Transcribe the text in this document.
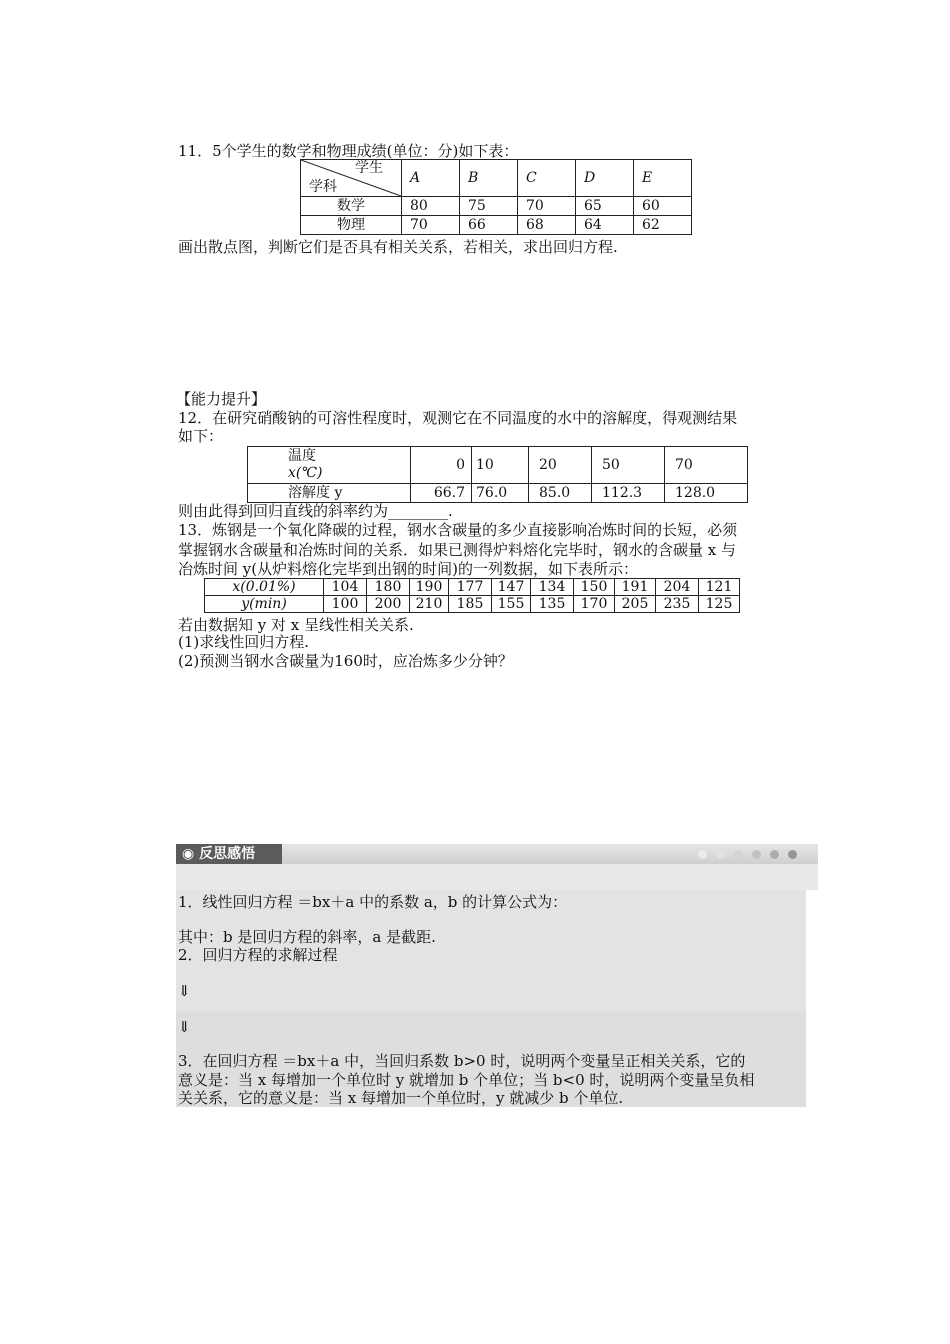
11．5个学生的数学和物理成绩(单位：分)如下表：
学生
学科	A	B	C	D	E
数学	80	75	70	65	60
物理	70	66	68	64	62
画出散点图，判断它们是否具有相关关系，若相关，求出回归方程.
【能力提升】
12．在研究硝酸钠的可溶性程度时，观测它在不同温度的水中的溶解度，得观测结果
如下：
温度
x(℃)	0	10	20	50	70
溶解度 y	66.7	76.0	85.0	112.3	128.0
则由此得到回归直线的斜率约为________.
13．炼钢是一个氧化降碳的过程，钢水含碳量的多少直接影响冶炼时间的长短，必须
掌握钢水含碳量和冶炼时间的关系．如果已测得炉料熔化完毕时，钢水的含碳量 x 与
冶炼时间 y(从炉料熔化完毕到出钢的时间)的一列数据，如下表所示：
x(0.01%)	104	180	190	177	147	134	150	191	204	121
y(min)	100	200	210	185	155	135	170	205	235	125
若由数据知 y 对 x 呈线性相关关系.
(1)求线性回归方程.
(2)预测当钢水含碳量为160时，应冶炼多少分钟？
◉ 反思感悟
1．线性回归方程 ＝bx＋a 中的系数 a，b 的计算公式为：
其中：b 是回归方程的斜率，a 是截距.
2．回归方程的求解过程
⇓
⇓
3．在回归方程 ＝bx＋a 中，当回归系数 b>0 时，说明两个变量呈正相关关系，它的
意义是：当 x 每增加一个单位时 y 就增加 b 个单位；当 b<0 时，说明两个变量呈负相
关关系，它的意义是：当 x 每增加一个单位时，y 就减少 b 个单位.
